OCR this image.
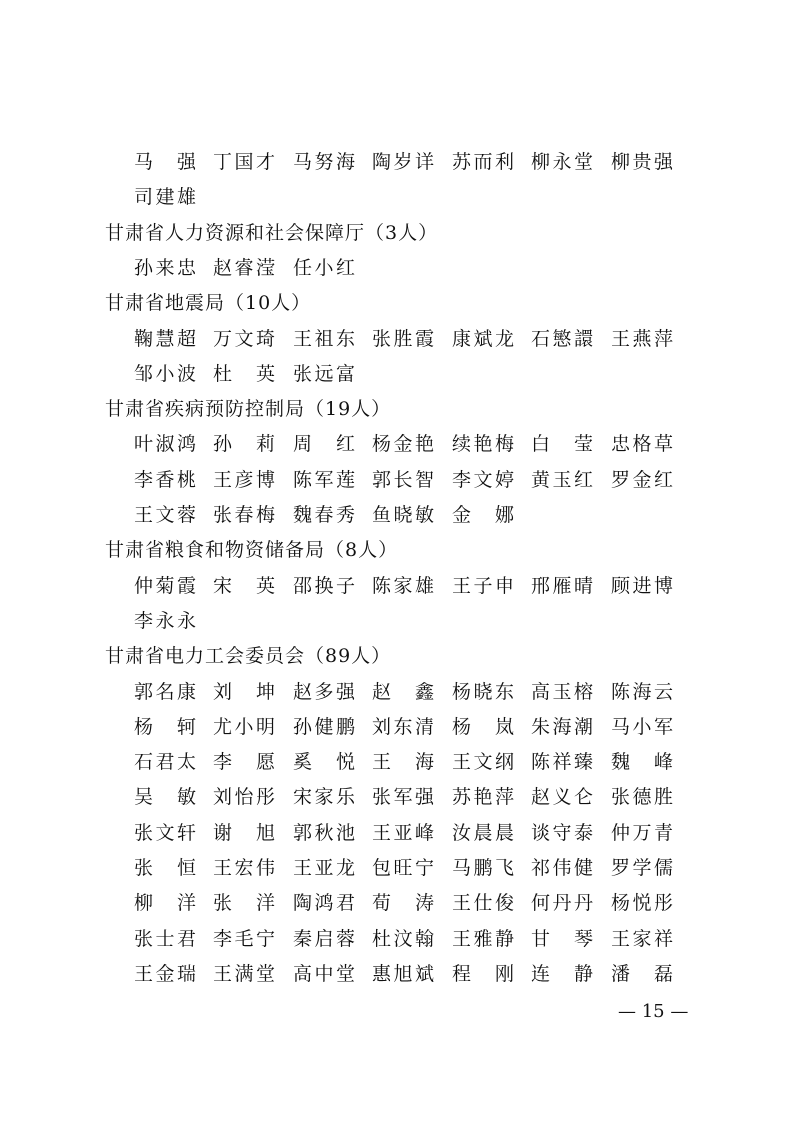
马强 丁国才 马努海 陶岁详 苏而利 柳永堂 柳贵强
司建雄
甘肃省人力资源和社会保障厅（3人）
孙来忠 赵睿滢 任小红
甘肃省地震局（10人）
鞠慧超 万文琦 王祖东 张胜霞 康斌龙 石慜譞 王燕萍
邹小波 杜英 张远富
甘肃省疾病预防控制局（19人）
叶淑鸿 孙莉 周红 杨金艳 续艳梅 白莹 忠格草
李香桃 王彦博 陈军莲 郭长智 李文婷 黄玉红 罗金红
王文蓉 张春梅 魏春秀 鱼晓敏 金娜
甘肃省粮食和物资储备局（8人）
仲菊霞 宋英 邵换子 陈家雄 王子申 邢雁晴 顾进博
李永永
甘肃省电力工会委员会（89人）
郭名康 刘坤 赵多强 赵鑫 杨晓东 高玉榕 陈海云
杨轲 尤小明 孙健鹏 刘东清 杨岚 朱海潮 马小军
石君太 李愿 奚悦 王海 王文纲 陈祥臻 魏峰
吴敏 刘怡彤 宋家乐 张军强 苏艳萍 赵义仑 张德胜
张文轩 谢旭 郭秋池 王亚峰 汝晨晨 谈守泰 仲万青
张恒 王宏伟 王亚龙 包旺宁 马鹏飞 祁伟健 罗学儒
柳洋 张洋 陶鸿君 荀涛 王仕俊 何丹丹 杨悦彤
张士君 李毛宁 秦启蓉 杜汶翰 王雅静 甘琴 王家祥
王金瑞 王满堂 高中堂 惠旭斌 程刚 连静 潘磊
— 15 —
